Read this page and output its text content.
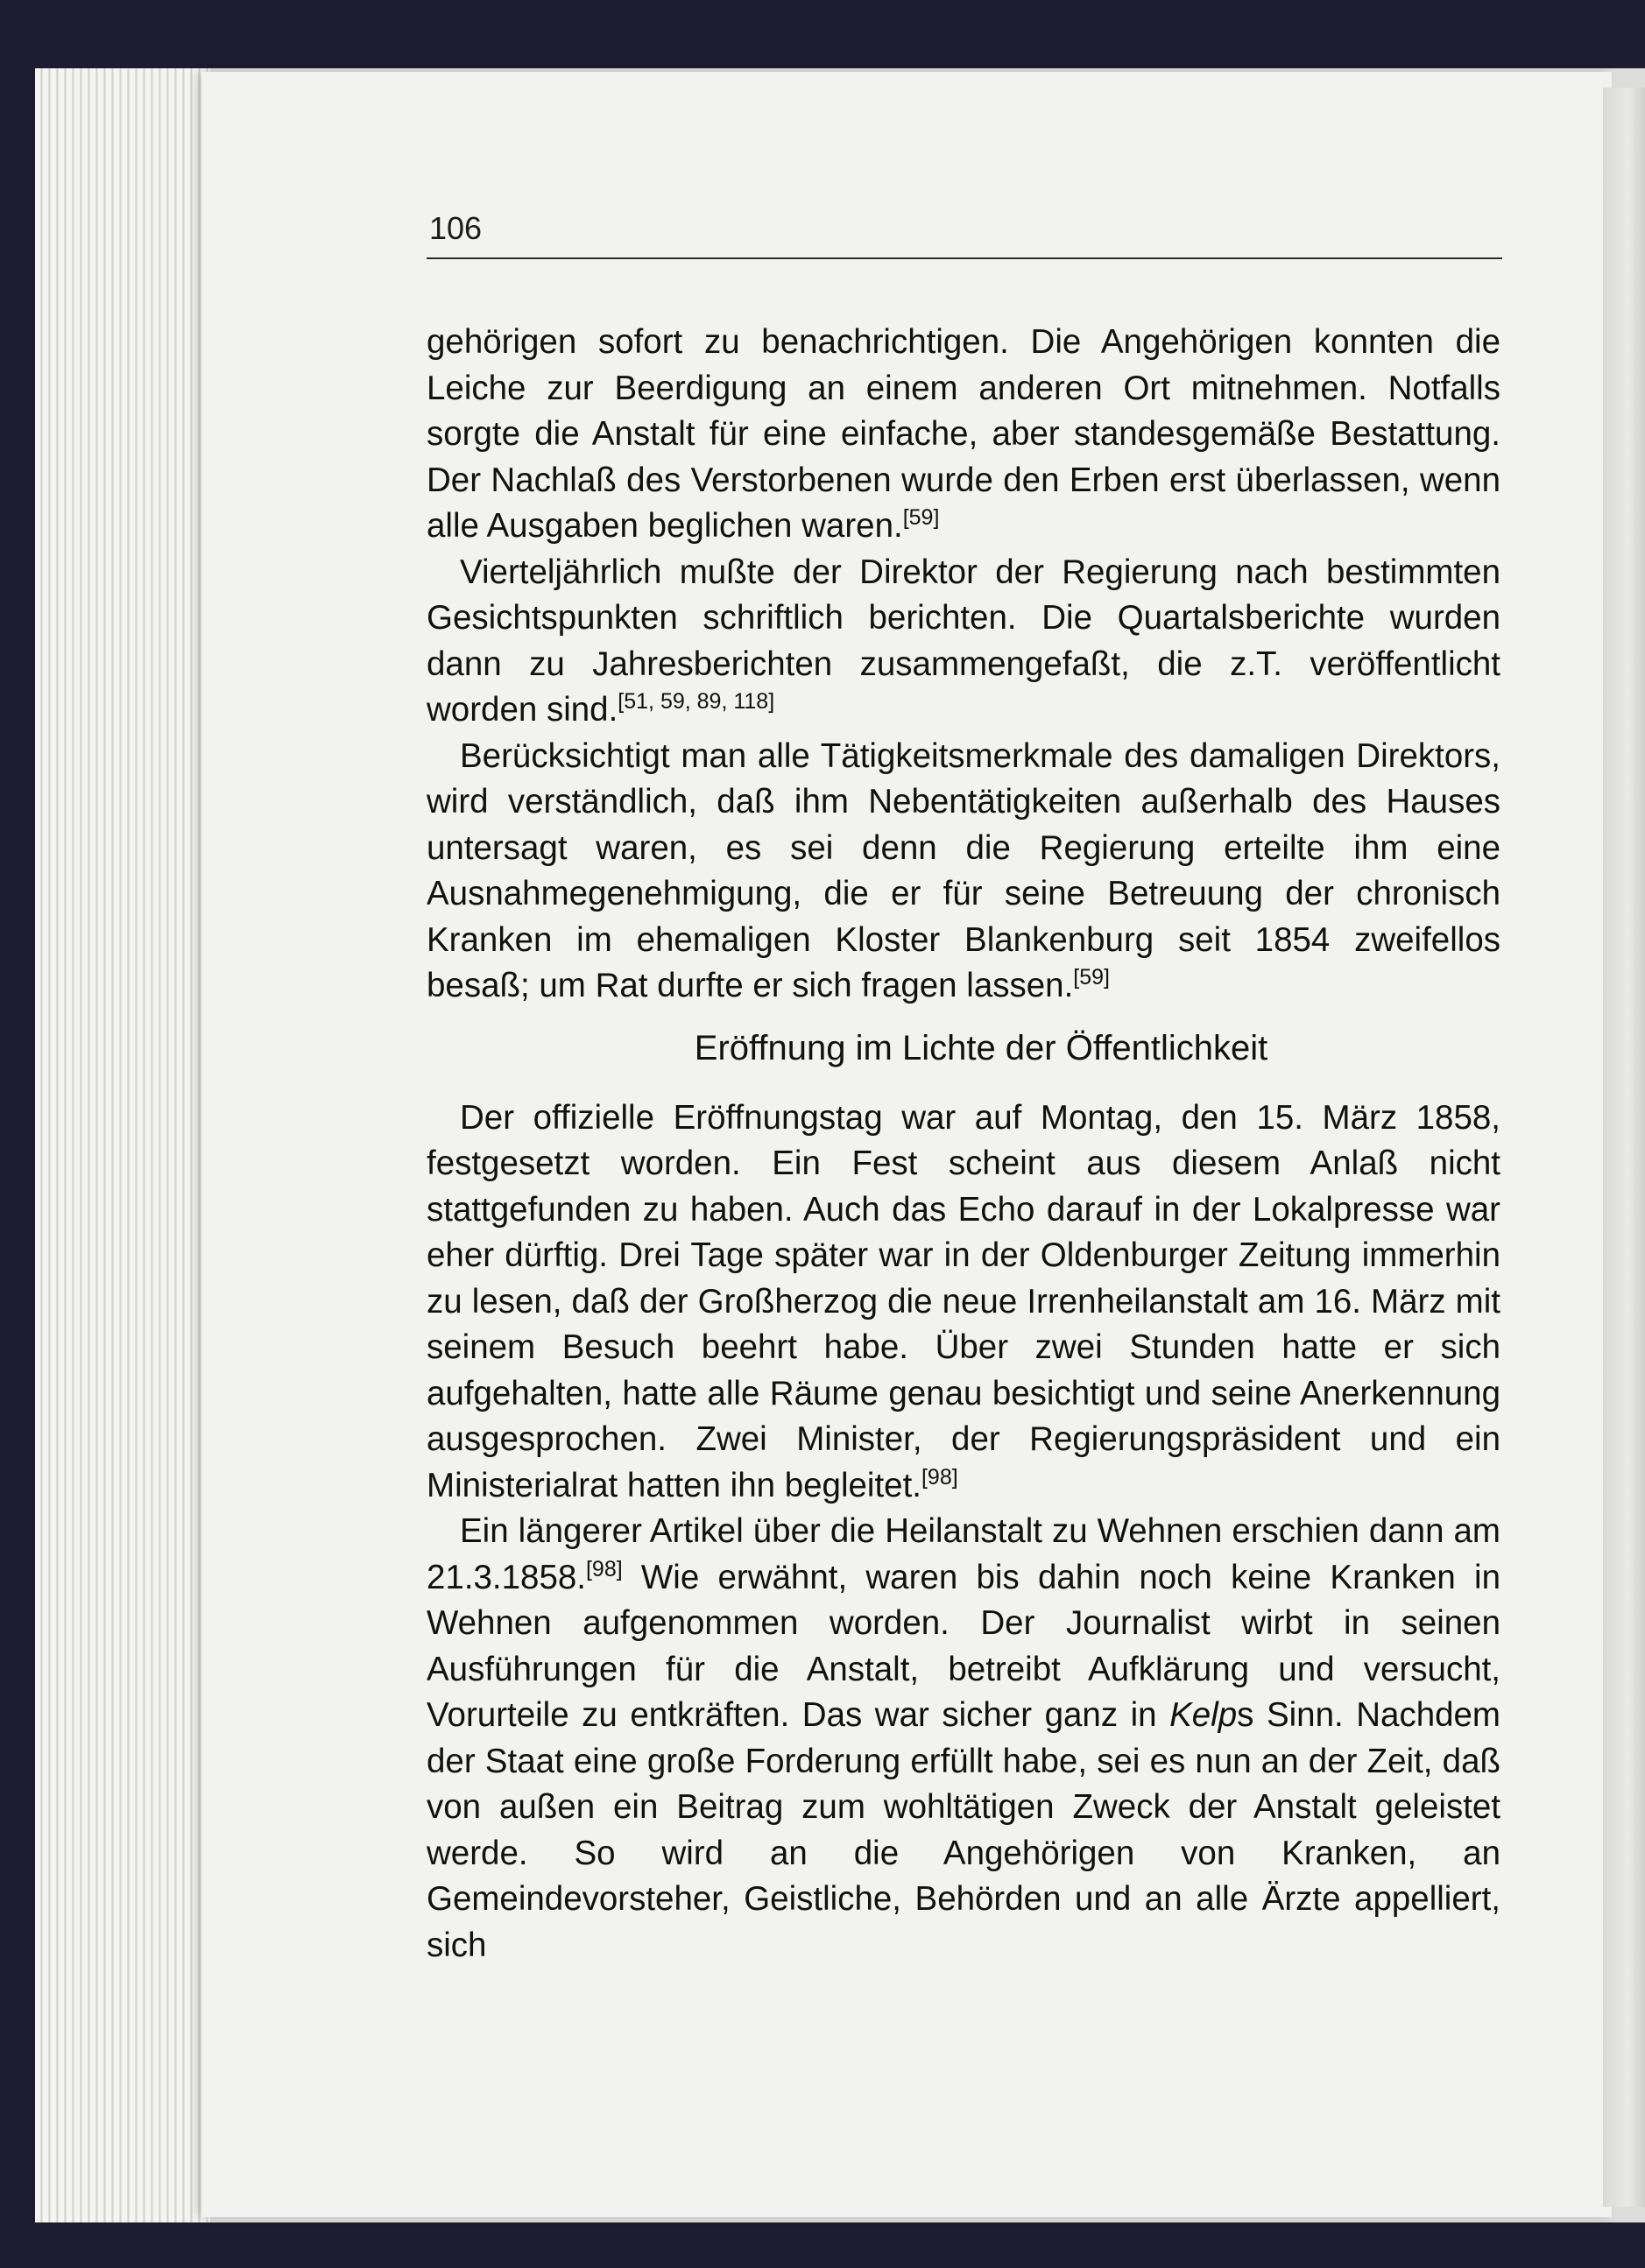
106

gehörigen sofort zu benachrichtigen. Die Angehörigen konnten die Leiche zur Beerdigung an einem anderen Ort mitnehmen. Notfalls sorgte die Anstalt für eine einfache, aber standesgemäße Bestattung. Der Nachlaß des Verstorbenen wurde den Erben erst überlassen, wenn alle Ausgaben beglichen waren.[59]

Vierteljährlich mußte der Direktor der Regierung nach bestimmten Gesichtspunkten schriftlich berichten. Die Quartalsberichte wurden dann zu Jahresberichten zusammengefaßt, die z.T. veröffentlicht worden sind.[51, 59, 89, 118]

Berücksichtigt man alle Tätigkeitsmerkmale des damaligen Direktors, wird verständlich, daß ihm Nebentätigkeiten außerhalb des Hauses untersagt waren, es sei denn die Regierung erteilte ihm eine Ausnahmegenehmigung, die er für seine Betreuung der chronisch Kranken im ehemaligen Kloster Blankenburg seit 1854 zweifellos besaß; um Rat durfte er sich fragen lassen.[59]

Eröffnung im Lichte der Öffentlichkeit

Der offizielle Eröffnungstag war auf Montag, den 15. März 1858, festgesetzt worden. Ein Fest scheint aus diesem Anlaß nicht stattgefunden zu haben. Auch das Echo darauf in der Lokalpresse war eher dürftig. Drei Tage später war in der Oldenburger Zeitung immerhin zu lesen, daß der Großherzog die neue Irrenheilanstalt am 16. März mit seinem Besuch beehrt habe. Über zwei Stunden hatte er sich aufgehalten, hatte alle Räume genau besichtigt und seine Anerkennung ausgesprochen. Zwei Minister, der Regierungspräsident und ein Ministerialrat hatten ihn begleitet.[98]

Ein längerer Artikel über die Heilanstalt zu Wehnen erschien dann am 21.3.1858.[98] Wie erwähnt, waren bis dahin noch keine Kranken in Wehnen aufgenommen worden. Der Journalist wirbt in seinen Ausführungen für die Anstalt, betreibt Aufklärung und versucht, Vorurteile zu entkräften. Das war sicher ganz in Kelps Sinn. Nachdem der Staat eine große Forderung erfüllt habe, sei es nun an der Zeit, daß von außen ein Beitrag zum wohltätigen Zweck der Anstalt geleistet werde. So wird an die Angehörigen von Kranken, an Gemeindevorsteher, Geistliche, Behörden und an alle Ärzte appelliert, sich
